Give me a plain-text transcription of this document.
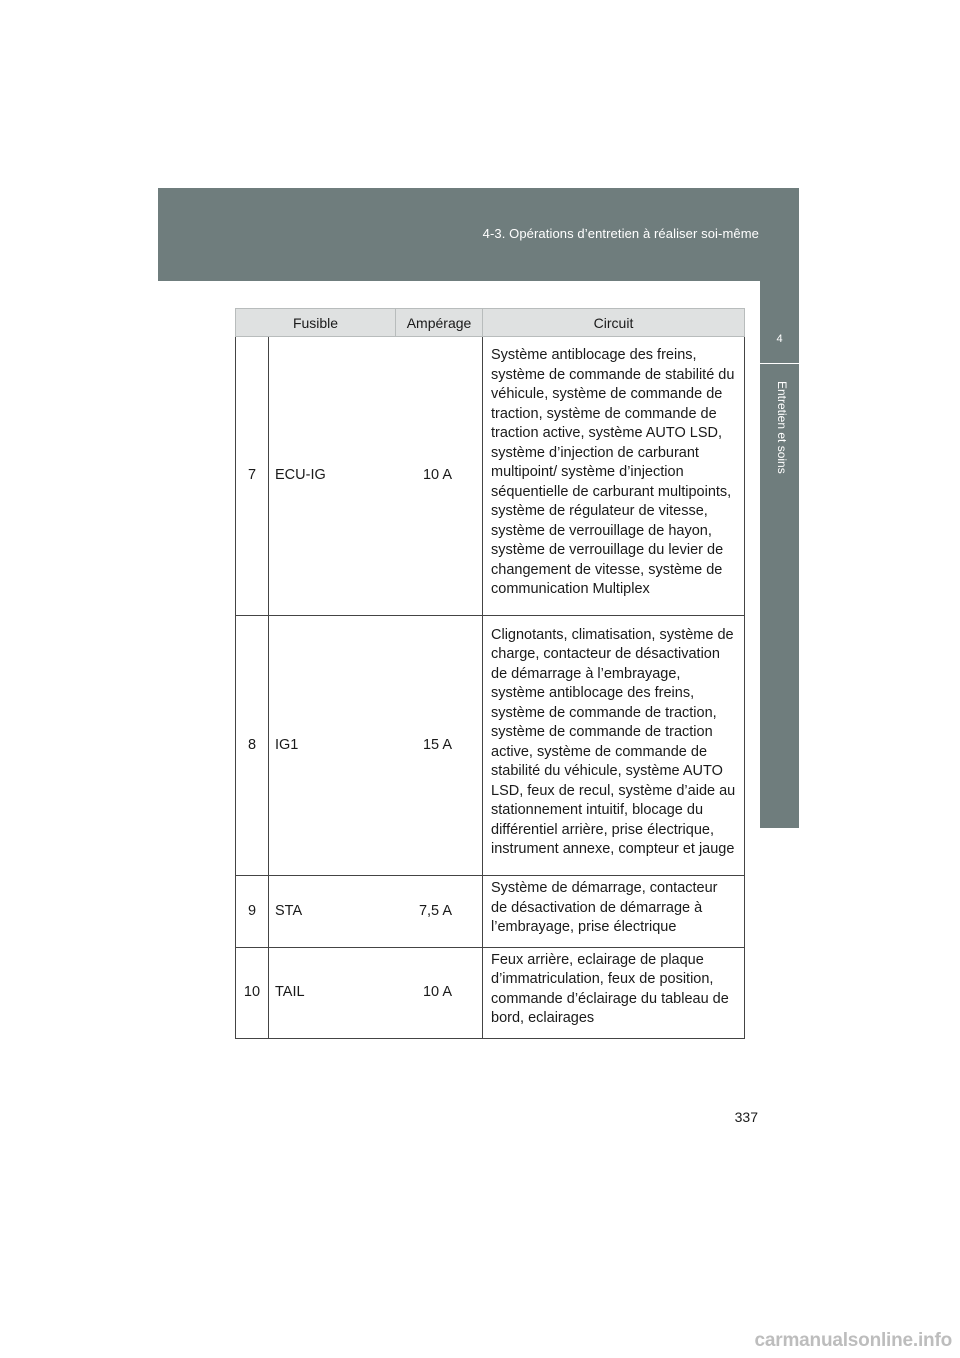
4-3. Opérations d’entretien à réaliser soi-même
4
Entretien et soins
Fusible		Ampérage	Circuit
7	ECU-IG	10 A	Système antiblocage des freins, système de commande de stabilité du véhicule, système de commande de traction, système de commande de traction active, système AUTO LSD, système d’injection de carburant multipoint/ système d’injection séquentielle de carburant multipoints, système de régulateur de vitesse, système de verrouillage de hayon, système de verrouillage du levier de changement de vitesse, système de communication Multiplex
8	IG1	15 A	Clignotants, climatisation, système de charge, contacteur de désactivation de démarrage à l’embrayage, système antiblocage des freins, système de commande de traction, système de commande de traction active, système de commande de stabilité du véhicule, système AUTO LSD, feux de recul, système d’aide au stationnement intuitif, blocage du différentiel arrière, prise électrique, instrument annexe, compteur et jauge
9	STA	7,5 A	Système de démarrage, contacteur de désactivation de démarrage à l’embrayage, prise électrique
10	TAIL	10 A	Feux arrière, eclairage de plaque d’immatriculation, feux de position, commande d’éclairage du tableau de bord, eclairages
337
carmanualsonline.info
